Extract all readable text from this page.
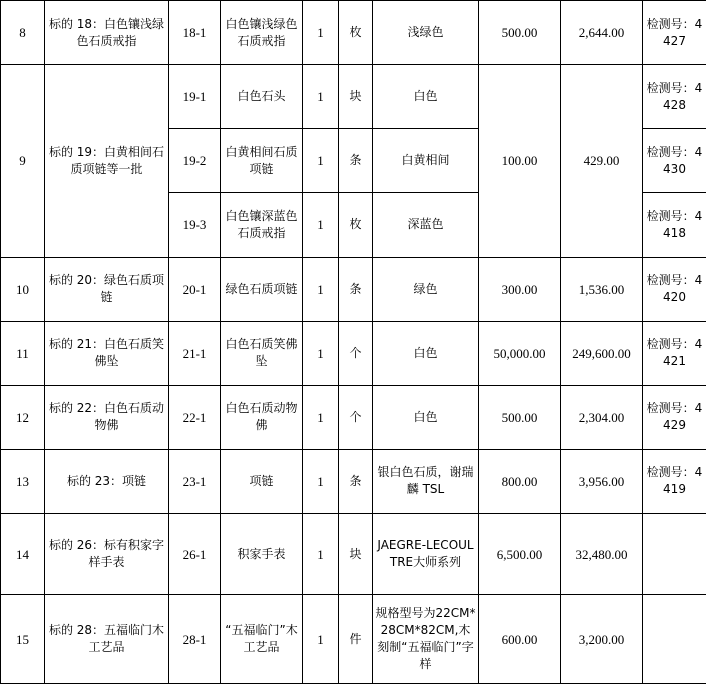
8	标的 18：白色镶浅绿色石质戒指	18-1	白色镶浅绿色石质戒指	1	枚	浅绿色	500.00	2,644.00	检测号：4427
9	标的 19：白黄相间石质项链等一批	19-1	白色石头	1	块	白色	100.00	429.00	检测号：4428
		19-2	白黄相间石质项链	1	条	白黄相间			检测号：4430
		19-3	白色镶深蓝色石质戒指	1	枚	深蓝色			检测号：4418
10	标的 20：绿色石质项链	20-1	绿色石质项链	1	条	绿色	300.00	1,536.00	检测号：4420
11	标的 21：白色石质笑佛坠	21-1	白色石质笑佛坠	1	个	白色	50,000.00	249,600.00	检测号：4421
12	标的 22：白色石质动物佛	22-1	白色石质动物佛	1	个	白色	500.00	2,304.00	检测号：4429
13	标的 23：项链	23-1	项链	1	条	银白色石质，谢瑞麟 TSL	800.00	3,956.00	检测号：4419
14	标的 26：标有积家字样手表	26-1	积家手表	1	块	JAEGRE-LECOULTRE大师系列	6,500.00	32,480.00	
15	标的 28：五福临门木工艺品	28-1	“五福临门”木工艺品	1	件	规格型号为22CM*28CM*82CM,木刻制“五福临门”字样	600.00	3,200.00	
